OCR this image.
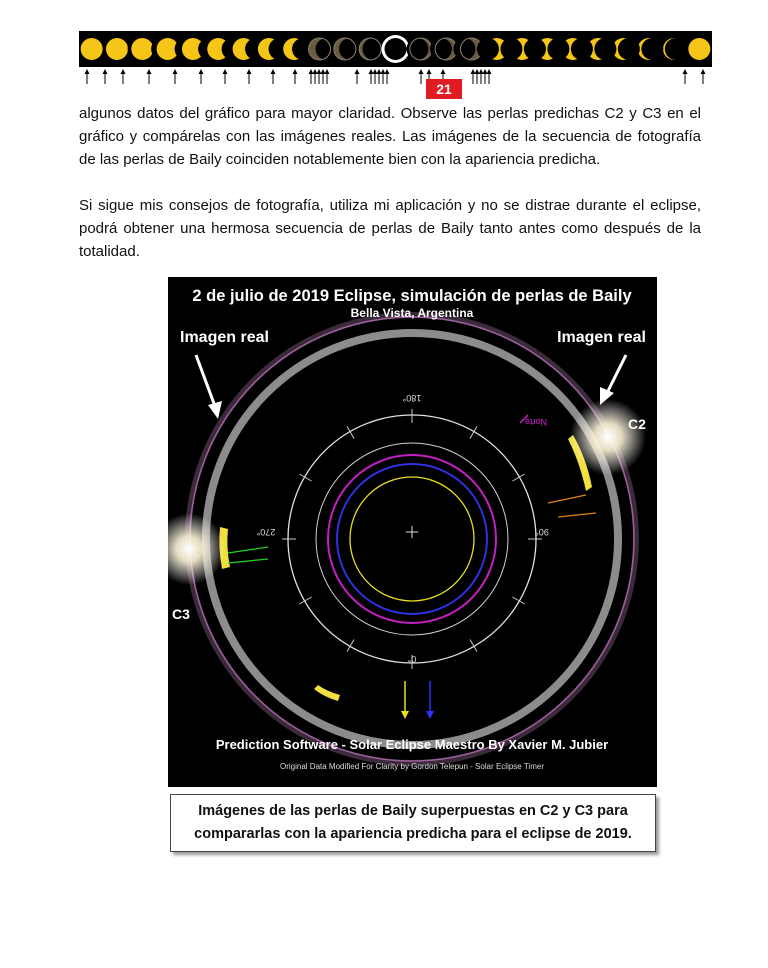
21

algunos datos del gráfico para mayor claridad. Observe las perlas predichas C2 y C3 en el gráfico y compárelas con las imágenes reales. Las imágenes de la secuencia de fotografía de las perlas de Baily coinciden notablemente bien con la apariencia predicha.

Si sigue mis consejos de fotografía, utiliza mi aplicación y no se distrae durante el eclipse, podrá obtener una hermosa secuencia de perlas de Baily tanto antes como después de la totalidad.

180°
90°
270°
0°
Norte
2 de julio de 2019 Eclipse, simulación de perlas de Baily
Bella Vista, Argentina
Imagen real	Imagen real
C2
C3
Prediction Software - Solar Eclipse Maestro By Xavier M. Jubier
Original Data Modified For Clarity by Gordon Telepun - Solar Eclipse Timer
Imágenes de las perlas de Baily superpuestas en C2 y C3 para
compararlas con la apariencia predicha para el eclipse de 2019.
